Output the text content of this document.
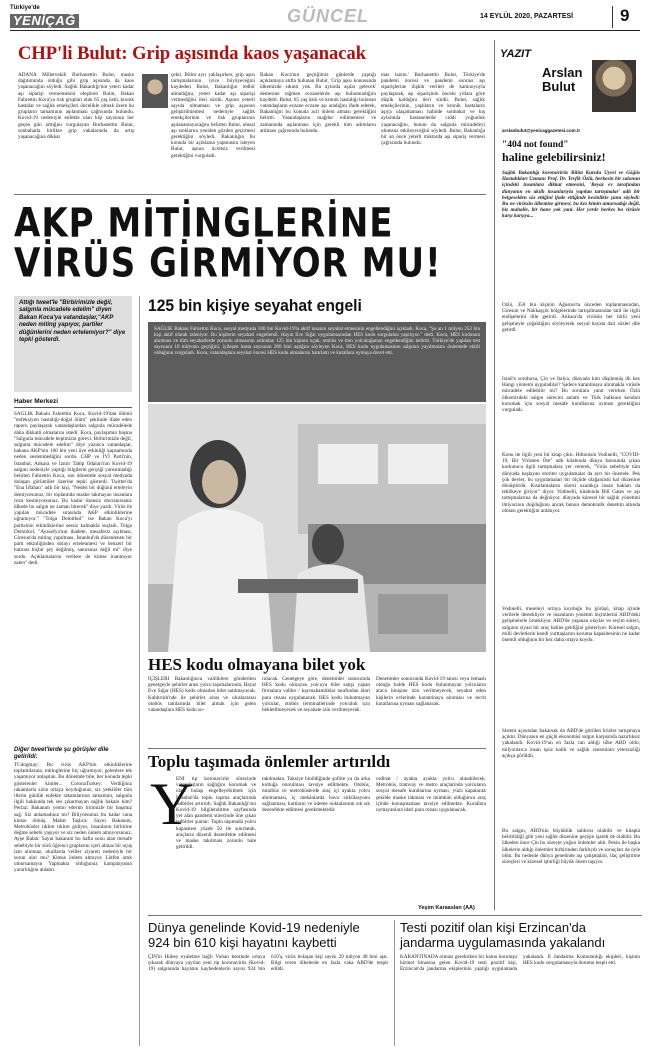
Türkiye'de
YENİÇAĞ	GÜNCEL	14 EYLÜL 2020, PAZARTESİ	9
CHP'li Bulut: Grip aşısında kaos yaşanacak
ADANA Milletvekili Burhanettin Bulut, maske dağıtımında olduğu gibi grip aşısında da kaos yaşanacağını söyledi. Sağlık Bakanlığı'nın yeteri kadar aşı siparişi vermemesini eleştiren Bulut, Bakan Fahrettin Koca'ya risk grupları olan 65 yaş üstü, kronik hastalar ve sağlık emekçileri öncelikle olmak üzere bu grupların tamamının aşılanması çağrısında bulundu. Kovid-19 nedeniyle enfekte olan kişi sayısının her geçen gün arttığını vurgulayan Burhanettin Bulut, sonbaharla birlikte grip vakalarında da artış yaşanacağına dikkat
çekti. Bilim ayrı yaklaşırken, grip aşısı tartışmalarının iyice büyüyeceğini kaydeden Bulut, Bakanlığın tedbir almadığını, yeteri kadar aşı siparişi vermediğini ileri sürdü. Aşının yeterli sayıda olmaması ve grip aşısının geliştirilmemesi nedeniyle sağlık emekçilerinin ve risk gruplarının aşılanamayacağını belirten Bulut, ulusal aşı stoklarını yeniden gözden geçirmesi gerektiğini söyledi. Bakanlığın bu konuda bir açıklama yapmasını isteyen Bulut, aşının ücretsiz verilmesi gerektiğini vurguladı.
Bakan Koca'nın geçtiğimiz günlerde yaptığı açıklamaya atıfta bulunan Bulut, 'Grip aşısı konusunda ülkemizde sıkıntı yok. Bu aylarda aşılar gelecek' demesine rağmen eczanelerde aşı bulunmadığını kaydetti. Bulut, 65 yaş üstü ve kronik hastalığı bulunan vatandaşların eczane eczane aşı aradığını ifade ederek, Bakanlığın bu konuda acil önlem alması gerektiğini belirtti. Vatandaşların mağdur edilmemesi ve zamanında aşılanması için gerekli tüm adımların atılması çağrısında bulundu.
mas lazım.' Burhanettin Bulut, Türkiye'de pandemi öncesi ve pandemi sonrası aşı siparişlerine ilişkin verileri de kamuoyuyla paylaşarak, aşı siparişinin önceki yıllara göre düşük kaldığını ileri sürdü. Bulut, sağlık emekçilerinin, yaşlıların ve kronik hastaların aşıya ulaşamaması halinde sonbahar ve kış aylarında hastanelerde ciddi yoğunluk yaşanacağını, bunun da salgınla mücadeleyi olumsuz etkileyeceğini söyledi. Bulut, Bakanlığa bir an önce yeterli miktarda aşı sipariş vermesi çağrısında bulundu.
AKP MİTİNGLERİNE
VİRÜS GİRMİYOR MU!

Attığı tweet'le "Birbirimizle değil, salgınla mücadele edelim" diyen Bakan Koca'ya vatandaşlar,"AKP neden miting yapıyor, partiler düğünlerini neden ertelemiyor?" diye tepki gösterdi.

Haber Merkezi
SAĞLIK Bakanı Fahrettin Koca, Kovid-19'dan ölümü "enfeksiyon hastalığı-doğal ölüm" şeklinde ifade eden raporu paylaşarak vatandaşlardan salgınla mücadelede daha dikkatli olmalarını istedi. Koca, paylaşımın başına "Salgınla mücadele hepimizin görevi. Birbirimizle değil, salgınla mücadele edelim" diye yazınca vatandaşlar, bakana AKP'nin 100 bin yeni üye etkinliği kapsamında neden seslenmediğini sordu. CHP ve İYİ Parti'nin, İstanbul, Ankara ve İzmir Tabip Odaları'nın Kovid-19 salgını nedeniyle yaptığı bilgilerin gerçeği yansıtmadığı belirten Fahrettin Koca, son dönemde sosyal medyada dolaşan görüntüler üzerine tepki gösterdi. Twitter'da "Ena İrfahan" adlı bir kişi, "Neden bir düğünü erteleyin demiyorsunuz, bir toplantıda maske takmayan insanlara ceza kesmiyorsunuz. Bu kadar özensiz davranırsanız ülkede bu salgın ne zaman bitecek" diye yazdı. Virüs ile yapılan mücadele sırasında AKP etkinliklerine uğramıyor." "Tolga Demirkol" ise Bakan Koca'yı partisinin etkinliklerine sessiz kalmakla suçladı. Tolga Demirkol, "Ayasofya'nın ibadete, mesafesiz açılması, Giresun'da miting yapılması, İstanbul'da düzenlenen bir parti etkinliğinden dolayı ertelenmesi ve benzeri bir hatırası hiçbir şey değilmiş, sanırsınız değil mi" diye sordu. Açıklamalarını verilere de kimse inanmıyor zaten" dedi.
Diğer tweet'lerde şu görüşler dile getirildi:
TCdogmay: Bu virüs AKP'nin etkinliklerine toplantılarına, mitinglerine hiç uğramıyor, gelenlere tek yaşamıyor anlaşılan. Bu dönemde bile, her konuda tepki gösterenler kimler... CoronaTurkey: Verdiğiniz rakamlarla sizin ortaya koyduğunuz, siz yetkililer tüm illerin günlük enfekte rakamlarının tamamını, salgınla ilgili hakkında tek ses çıkarmayan sağlık bakanı kim? Perlaz: Bakanım yemin ederim birimizle bir başımız sağ. Siz anlamadınız mı? Biliyorsunuz bu kadar cana kimse ölmüş. Mabat Taşlıca: Sayın Bakanım, Metrobüsler tıklım tıklım gidiyor, insanların birbirine değme sebebi yaşıyor ve siz neden önlem almıyorsunuz. Ayşe Balan: Sayın bakanım bu hafta sonu alan mesafe sebebiyle bir sürü öğrenci gruplarını içeri almaz bir uçuş izin alınmaz, okullarda veliler ziyareti nedeniyle bir sorun olur mu? Kimse önlem almıyor. Lütfen artık umursamayın Yapmakta olduğunuz kampanyanın yararlılığını anlatın.
125 bin kişiye seyahat engeli
SAĞLIK Bakanı Fahrettin Koca, sosyal medyada 100 bin Kovid-19'la aktif insanın seyahat etmesinin engellendiğini açıkladı. Koca, "Şu an 1 milyon 253 bin kişi aktif olarak izleniyor. Bu kişilerin seyahati engellendi. Hayat Eve Sığar uygulamasından HES kodu sorgulama yapılıyor." dedi. Koca, HES kodunun alınması ve tüm seyahatlerde zorunlu olmasının ardından 125 bin kişinin uçak, otobüs ve tren yolculuğunun engellendiğini belirtti. Türkiye'de yapılan test sayısının 10 milyonu geçtiğini, iyileşen hasta sayısının 260 bini aştığını söyleyen Koca, HES kodu uygulamasının salgının yayılmasını önlemede etkili olduğunu vurguladı. Koca, vatandaşlara seyahat öncesi HES kodu almalarını hatırlattı ve kurallara uymaya davet etti.
HES kodu olmayana bilet yok
İÇİŞLERİ Bakanlığınca valiliklere gönderilen genelgeyle şehirler arası yolcu taşımalarında, Hayat Eve Sığar (HES) kodu olmadan bilet satılmayacak. Kaldırıldı'nde ile şehirler arası ve uluslararası otobüs tamlarında bilet almak için gelen vatandaşlara HES kodu so-
rulacak. Genelgeye göre, denetimler sonucunda HES kodu olmayan yolcuya bilet satışı yapan firmalara valiler / kaymakamlıklar tarafından idari para cezası uygulanacak. HES kodu bulunmayan yolcular, otobüs terminallerinde yolculuk için bekletilmeyecek ve seyahate izin verilmeyecek.
Denetimler sonucunda Kovid-19 tanısı veya temaslı olduğu halde HES kodu bulunmayan yolcuların araca binişine izin verilmeyecek, seyahat eden kişilerin evlerinde karantinaya alınması ve tecrit kurallarına uyması sağlanacak.
Toplu taşımada önlemler artırıldı
Y
ENİ tip koronavirüs sürecinde vatandaşların sağlığını korumak ve olası bulaşı engelleyebilmek için İstanbul'da toplu taşıma araçlarında tedbirler artırıldı. Sağlık Bakanlığı'nın Kovid-19 bilgilendirme sayfasında yer alan pandemi sürecinde öne çıkan tedbirler şunlar: Toplu taşımada yolcu kapasitesi yüzde 50 ile sınırlandı, araçların düzenli dezenfekte edilmesi ve maske takılması zorunlu hale getirildi.
takılmakta. Taksiye binildiğinde şoföre ya da arka koltuğa oturulması tavsiye edilmekte. Otobüs, minibüs ve metrobüslerde araç içi ayakta yolcu alınmaması, iç mekânlarda hava sirkülasyonu sağlanması, kartların ve ödeme noktalarının sık sık dezenfekte edilmesi gerekmektedir.
ordinat / ayakta ayakta yolcu alınabilecek. Metrobüs, tramvay ve metro araçlarında yolcuların sosyal mesafe kurallarına uyması, yüzü kapatacak şekilde maske takması ve mümkün olduğunca araç içinde konuşmaması tavsiye edilmekte. Kurallara uymayanlara idari para cezası uygulanacak.
Yeşim Karaaslan (AA)
Dünya genelinde Kovid-19 nedeniyle
924 bin 610 kişi hayatını kaybetti
ÇİN'in Hubey eyaletine bağlı Vuhan kentinde ortaya çıkarak dünyaya yayılan yeni tip koronavirüs (Kovid-19) salgınında hayatını kaybedenlerin sayısı 924 bin 610'a, virüs bulaşan kişi sayısı 29 milyon 48 bini aştı. Bilgi veren ülkelerde en fazla vaka ABD'de tespit edildi.
Testi pozitif olan kişi Erzincan'da
jandarma uygulamasında yakalandı
KARANTİNADA olması gerekirken bir kamu kuruluşu hizmet binasına gelen Kovid-19 testi pozitif kişi, Erzincan'da jandarma ekiplerinin yaptığı uygulamada yakalandı. İl Jandarma Komutanlığı ekipleri, kişinin HES kodu sorgulamasıyla durumu tespit etti.
YAZIT
Arslan
Bulut
arslanbulut@yenicaggazetesi.com.tr
"404 not found"
haline gelebilirsiniz!
Sağlık Bakanlığı koronavirüs Bilim Kurulu Üyesi ve Göğüs Hastalıkları Uzmanı Prof. Dr. Tevfik Özlü, herkesin bir salonun içindeki insanlara dikkat etmesini, 'Beyaz ev tarafından dünyanın en akıllı insanlarıyla yapılan tartışmalar' adlı bir belgeselden söz ettiğini ifade ettiğinde kesinlikle şunu söyledi: Bu ne virüsün ülkemize girmesi, bu kez kimin umursadığı değil, biz mahalle, bir hane yok yani. Her yerde herkes bu virüsle karşı karşıya...
Özlü, 350 bin kişinin Ağustos'ta önceden toplanmasından, Giresun ve Nakkaşçık bölgelerinde tartışılmasından tatil ile ilgili endişelerini dile getirdi. Ankara'da virüsün her türlü yeni gelişmeyle çoğaldığını söyleyerek sosyal hayata dair sözler dile getirdi.
İsrail'e sorulursa, Çin ve İtalya, dünyada kim düşünmüş ilk kez Hangi yöntemi uyguladılar? Sadece karantinaya alınmakla virüsle mücadele edilebilir mi? Bu sorulara yanıt verirken Özlü ülkemizdeki salgın sürecini anlattı ve Türk halkının kendini korumak için sosyal mesafe kurallarına uyması gerektiğini vurguladı.
Konu ile ilgili yeni bir kitap çıktı. Hiltonisin Vodinelli, "COVID-19, Bir Virüsten Öte" adlı kitabında dünya basınında çıkan korkutucu ilgili tartışmalara yer vererek, "Virüs sebebiyle tüm dünyada başlayan otoriter uygulamalar da ayrı bir önemde. Pek çok devlet, bu uygulamaları bir ölçüde olağanüstü hal düzenine dönüştürdü. Kısıtlamaların süresi uzadıkça insan hakları da tehlikeye giriyor" diyor. Vodinelli, kitabında Bill Gates ve aşı tartışmalarına da değiniyor, dünyada küresel bir sağlık yönetimi ihtiyacının doğduğunu ancak bunun demokratik denetim altında olması gerektiğini anlatıyor.
Vodinelli, meseleyi ortaya koyduğu bu görüşü, kitap içinde verilerle destekliyor ve insanların yönetim biçimlerini ABD'deki gelişmelerle örnekliyor. ABD'de yaşanan olaylar ve seçim süreci, salgının siyasi bir araç haline geldiğini gösteriyor. Küresel salgın, milli devletlerin kendi yurttaşlarını koruma kapasitesinin ne kadar önemli olduğunu bir kez daha ortaya koydu.
Sistem açısından bakarsak da ABD'de görülen krizler tartışmaya açıktır. Dünyanın en güçlü ekonomisi salgın karşısında hazırlıksız yakalandı. Kovid-19'un en fazla can aldığı ülke ABD oldu; milyonlarca insan işsiz kaldı ve sağlık sisteminin yetersizliği açıkça görüldü.
Bu salgın, ABD'nin büyüklük saldırısı olabilir ve kitapta belirtildiği gibi yeni sağlık düzenine geçişin işareti de olabilir. Bu ülkeden önce Çin bu süreçte yoğun önlemler aldı. Pekin ile başka ülkelerin aldığı önlemler birbirinden farklıydı ve sonuçları da öyle oldu. Bu nedenle dünya genelinde aşı çalışmaları, ilaç geliştirme süreçleri ve küresel işbirliği büyük önem taşıyor.
